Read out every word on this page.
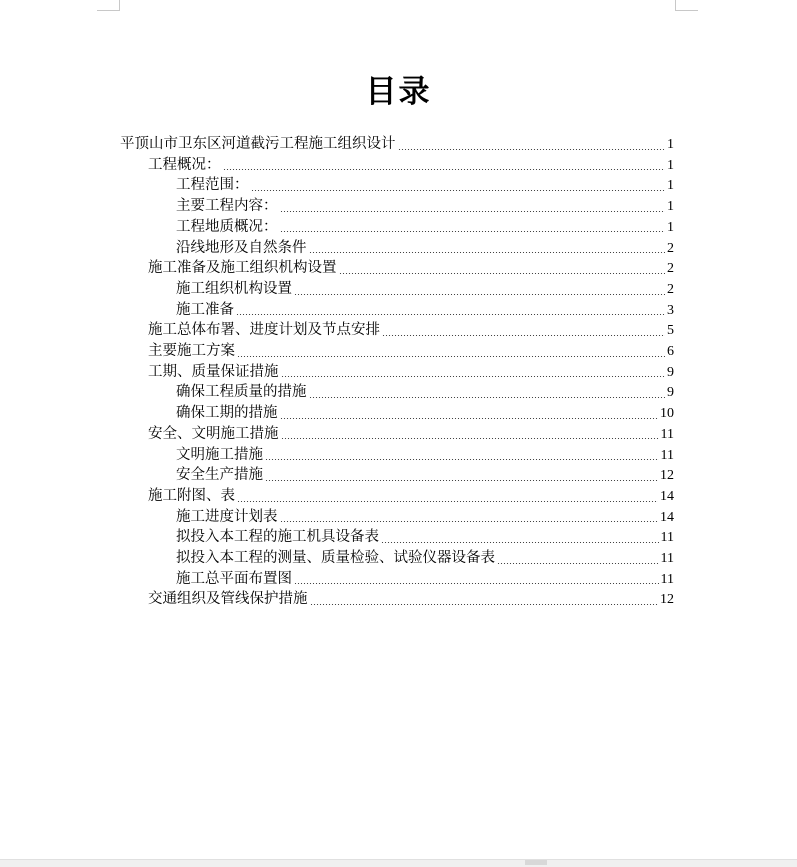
目录
平顶山市卫东区河道截污工程施工组织设计	1
工程概况：	1
工程范围：	1
主要工程内容：	1
工程地质概况：	1
沿线地形及自然条件	2
施工准备及施工组织机构设置	2
施工组织机构设置	2
施工准备	3
施工总体布署、进度计划及节点安排	5
主要施工方案	6
工期、质量保证措施	9
确保工程质量的措施	9
确保工期的措施	10
安全、文明施工措施	11
文明施工措施	11
安全生产措施	12
施工附图、表	14
施工进度计划表	14
拟投入本工程的施工机具设备表	11
拟投入本工程的测量、质量检验、试验仪器设备表	11
施工总平面布置图	11
交通组织及管线保护措施	12
